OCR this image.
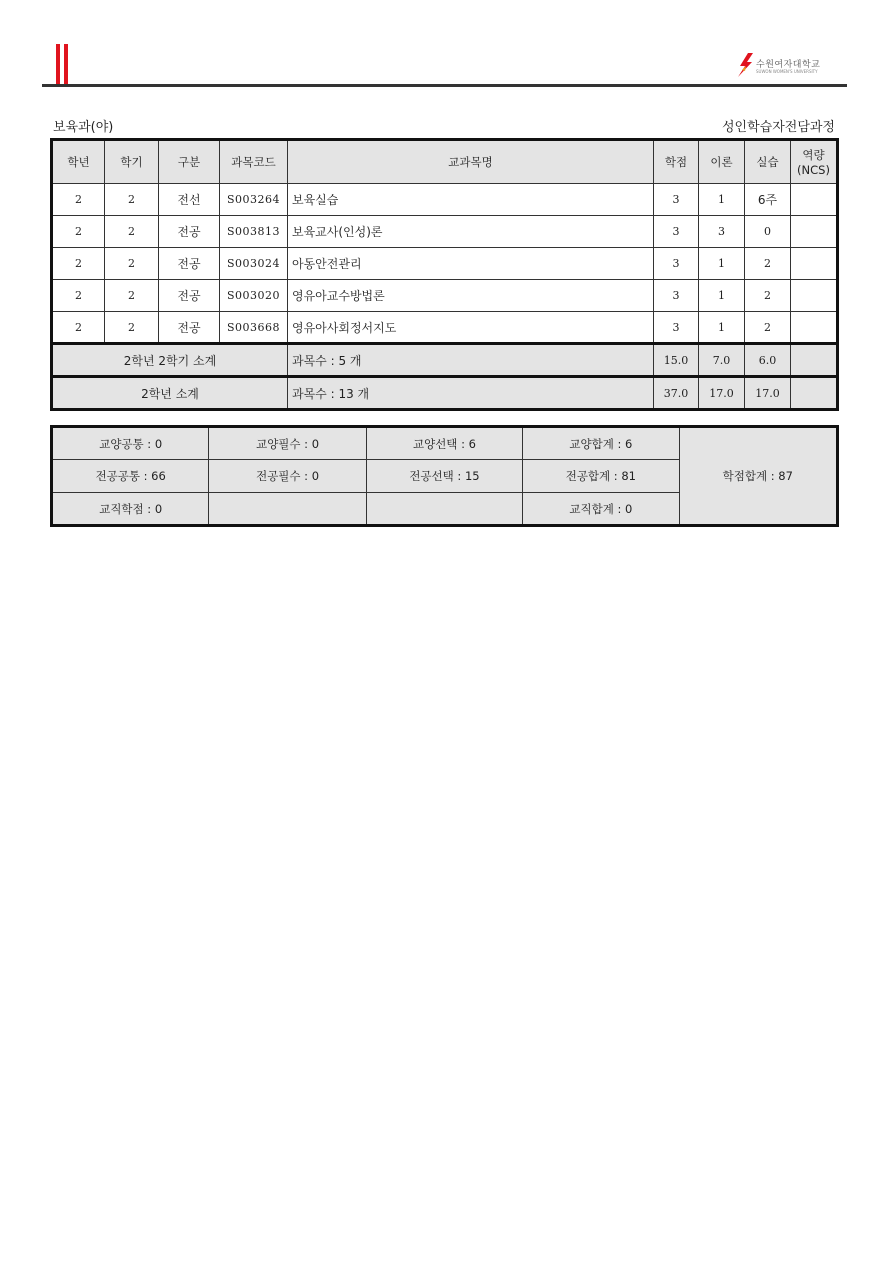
수원여자대학교
SUWON WOMEN'S UNIVERSITY
보육과(야)	성인학습자전담과정
학년	학기	구분	과목코드	교과목명	학점	이론	실습	역량
(NCS)
2	2	전선	S003264	보육실습	3	1	6주	
2	2	전공	S003813	보육교사(인성)론	3	3	0	
2	2	전공	S003024	아동안전관리	3	1	2	
2	2	전공	S003020	영유아교수방법론	3	1	2	
2	2	전공	S003668	영유아사회정서지도	3	1	2	
2학년 2학기 소계				과목수 : 5 개	15.0	7.0	6.0	
2학년 소계				과목수 : 13 개	37.0	17.0	17.0	
교양공통 : 0	교양필수 : 0	교양선택 : 6	교양합계 : 6	학점합계 : 87
전공공통 : 66	전공필수 : 0	전공선택 : 15	전공합계 : 81	
교직학점 : 0			교직합계 : 0	
